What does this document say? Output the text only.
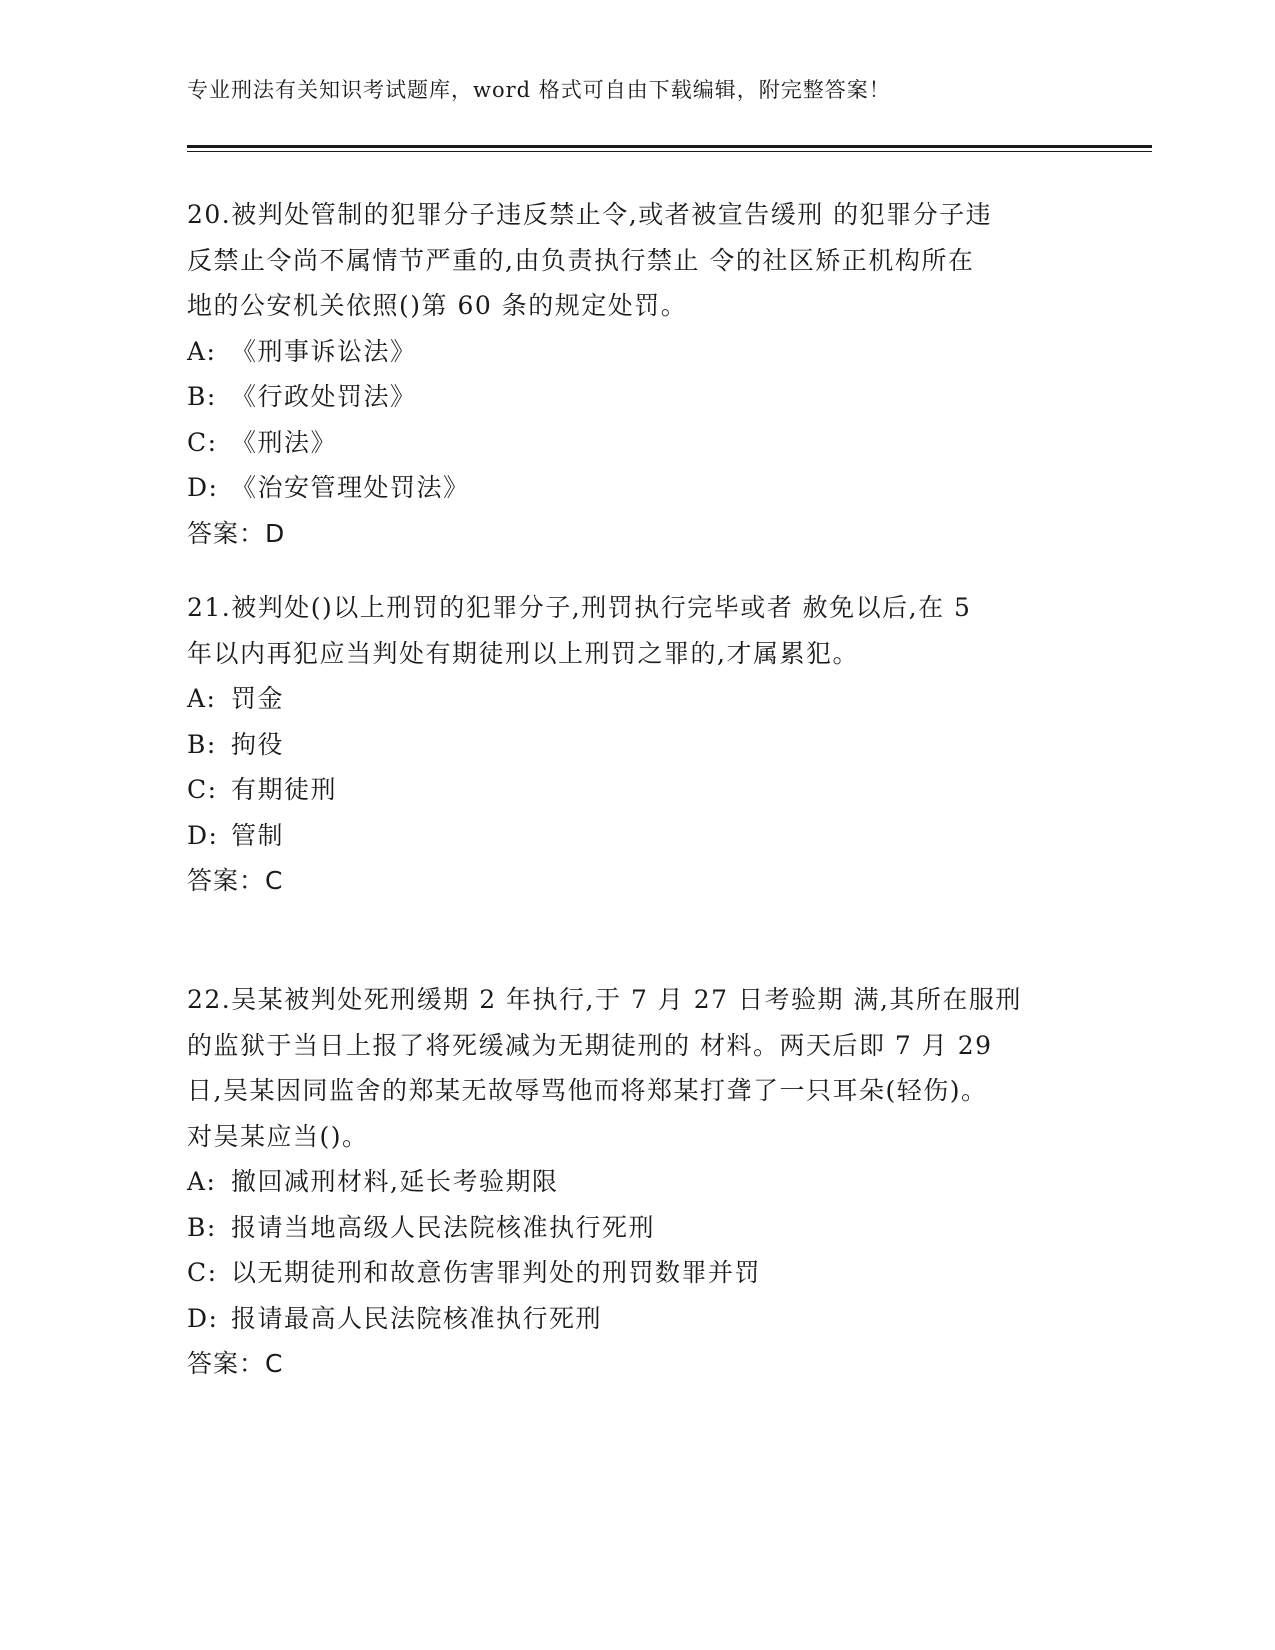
专业刑法有关知识考试题库，word 格式可自由下载编辑，附完整答案！
20.被判处管制的犯罪分子违反禁止令,或者被宣告缓刑 的犯罪分子违
反禁止令尚不属情节严重的,由负责执行禁止 令的社区矫正机构所在
地的公安机关依照()第 60 条的规定处罚。
A: 《刑事诉讼法》
B: 《行政处罚法》
C: 《刑法》
D: 《治安管理处罚法》
答案：D
21.被判处()以上刑罚的犯罪分子,刑罚执行完毕或者 赦免以后,在 5
年以内再犯应当判处有期徒刑以上刑罚之罪的,才属累犯。
A: 罚金
B: 拘役
C: 有期徒刑
D: 管制
答案：C
22.吴某被判处死刑缓期 2 年执行,于 7 月 27 日考验期 满,其所在服刑
的监狱于当日上报了将死缓减为无期徒刑的 材料。两天后即 7 月 29
日,吴某因同监舍的郑某无故辱骂他而将郑某打聋了一只耳朵(轻伤)。
对吴某应当()。
A: 撤回减刑材料,延长考验期限
B: 报请当地高级人民法院核准执行死刑
C: 以无期徒刑和故意伤害罪判处的刑罚数罪并罚
D: 报请最高人民法院核准执行死刑
答案：C
